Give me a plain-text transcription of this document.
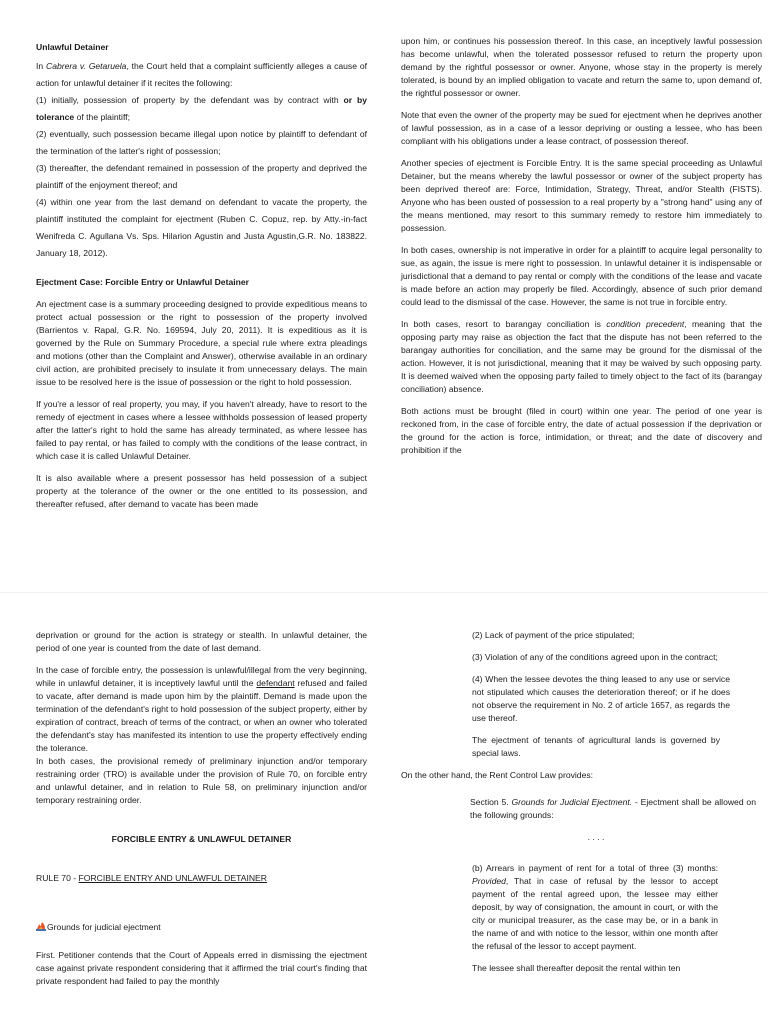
Unlawful Detainer

In Cabrera v. Getaruela, the Court held that a complaint sufficiently alleges a cause of action for unlawful detainer if it recites the following:

(1) initially, possession of property by the defendant was by contract with or by tolerance of the plaintiff;

(2) eventually, such possession became illegal upon notice by plaintiff to defendant of the termination of the latter's right of possession;

(3) thereafter, the defendant remained in possession of the property and deprived the plaintiff of the enjoyment thereof; and

(4) within one year from the last demand on defendant to vacate the property, the plaintiff instituted the complaint for ejectment (Ruben C. Copuz, rep. by Atty.-in-fact Wenifreda C. Agullana Vs. Sps. Hilarion Agustin and Justa Agustin,G.R. No. 183822. January 18, 2012).

Ejectment Case: Forcible Entry or Unlawful Detainer

An ejectment case is a summary proceeding designed to provide expeditious means to protect actual possession or the right to possession of the property involved (Barrientos v. Rapal, G.R. No. 169594, July 20, 2011). It is expeditious as it is governed by the Rule on Summary Procedure, a special rule where extra pleadings and motions (other than the Complaint and Answer), otherwise available in an ordinary civil action, are prohibited precisely to insulate it from unnecessary delays. The main issue to be resolved here is the issue of possession or the right to hold possession.

If you're a lessor of real property, you may, if you haven't already, have to resort to the remedy of ejectment in cases where a lessee withholds possession of leased property after the latter's right to hold the same has already terminated, as where lessee has failed to pay rental, or has failed to comply with the conditions of the lease contract, in which case it is called Unlawful Detainer.

It is also available where a present possessor has held possession of a subject property at the tolerance of the owner or the one entitled to its possession, and thereafter refused, after demand to vacate has been made

upon him, or continues his possession thereof. In this case, an inceptively lawful possession has become unlawful, when the tolerated possessor refused to return the property upon demand by the rightful possessor or owner. Anyone, whose stay in the property is merely tolerated, is bound by an implied obligation to vacate and return the same to, upon demand of, the rightful possessor or owner.

Note that even the owner of the property may be sued for ejectment when he deprives another of lawful possession, as in a case of a lessor depriving or ousting a lessee, who has been compliant with his obligations under a lease contract, of possession thereof.

Another species of ejectment is Forcible Entry. It is the same special proceeding as Unlawful Detainer, but the means whereby the lawful possessor or owner of the subject property has been deprived thereof are: Force, Intimidation, Strategy, Threat, and/or Stealth (FISTS). Anyone who has been ousted of possession to a real property by a "strong hand" using any of the means mentioned, may resort to this summary remedy to restore him immediately to possession.

In both cases, ownership is not imperative in order for a plaintiff to acquire legal personality to sue, as again, the issue is mere right to possession. In unlawful detainer it is indispensable or jurisdictional that a demand to pay rental or comply with the conditions of the lease and vacate is made before an action may properly be filed. Accordingly, absence of such prior demand could lead to the dismissal of the case. However, the same is not true in forcible entry.

In both cases, resort to barangay conciliation is condition precedent, meaning that the opposing party may raise as objection the fact that the dispute has not been referred to the barangay authorities for conciliation, and the same may be ground for the dismissal of the action. However, it is not jurisdictional, meaning that it may be waived by such opposing party. It is deemed waived when the opposing party failed to timely object to the fact of its (barangay conciliation) absence.

Both actions must be brought (filed in court) within one year. The period of one year is reckoned from, in the case of forcible entry, the date of actual possession if the deprivation or the ground for the action is force, intimidation, or threat; and the date of discovery and prohibition if the

deprivation or ground for the action is strategy or stealth. In unlawful detainer, the period of one year is counted from the date of last demand.

In the case of forcible entry, the possession is unlawful/illegal from the very beginning, while in unlawful detainer, it is inceptively lawful until the defendant refused and failed to vacate, after demand is made upon him by the plaintiff. Demand is made upon the termination of the defendant's right to hold possession of the subject property, either by expiration of contract, breach of terms of the contract, or when an owner who tolerated the defendant's stay has manifested its intention to use the property effectively ending the tolerance.

In both cases, the provisional remedy of preliminary injunction and/or temporary restraining order (TRO) is available under the provision of Rule 70, on forcible entry and unlawful detainer, and in relation to Rule 58, on preliminary injunction and/or temporary restraining order.

FORCIBLE ENTRY & UNLAWFUL DETAINER

RULE 70 - FORCIBLE ENTRY AND UNLAWFUL DETAINER

Grounds for judicial ejectment

First. Petitioner contends that the Court of Appeals erred in dismissing the ejectment case against private respondent considering that it affirmed the trial court's finding that private respondent had failed to pay the monthly

(2) Lack of payment of the price stipulated;

(3) Violation of any of the conditions agreed upon in the contract;

(4) When the lessee devotes the thing leased to any use or service not stipulated which causes the deterioration thereof; or if he does not observe the requirement in No. 2 of article 1657, as regards the use thereof.

The ejectment of tenants of agricultural lands is governed by special laws.

On the other hand, the Rent Control Law provides:

Section 5. Grounds for Judicial Ejectment. - Ejectment shall be allowed on the following grounds:

. . . .

(b) Arrears in payment of rent for a total of three (3) months: Provided, That in case of refusal by the lessor to accept payment of the rental agreed upon, the lessee may either deposit, by way of consignation, the amount in court, or with the city or municipal treasurer, as the case may be, or in a bank in the name of and with notice to the lessor, within one month after the refusal of the lessor to accept payment.

The lessee shall thereafter deposit the rental within ten
